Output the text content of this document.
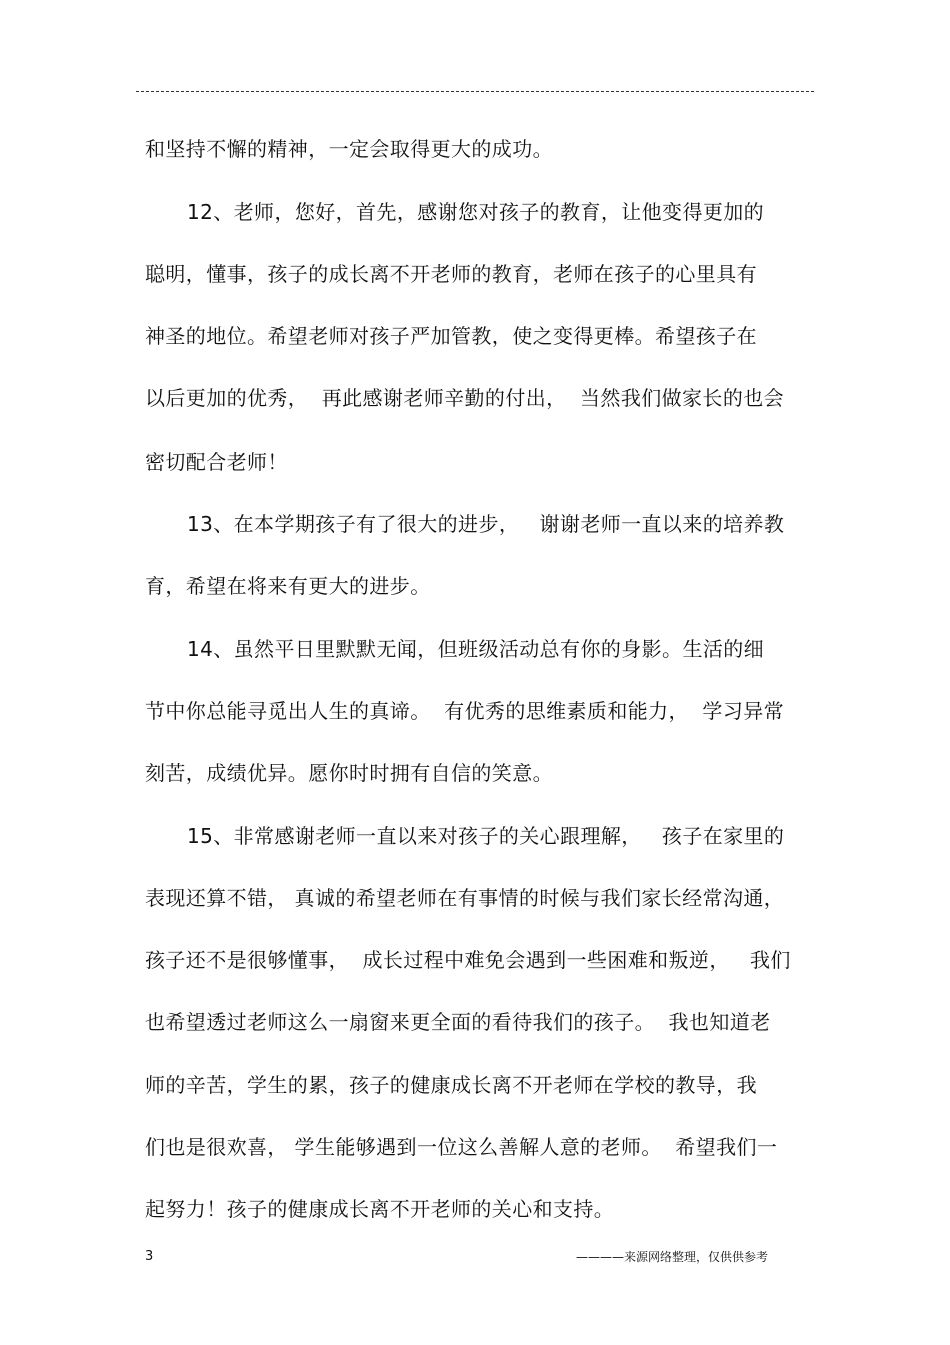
和坚持不懈的精神，一定会取得更大的成功。
12、老师，您好，首先，感谢您对孩子的教育，让他变得更加的
聪明，懂事，孩子的成长离不开老师的教育，老师在孩子的心里具有
神圣的地位。希望老师对孩子严加管教，使之变得更棒。希望孩子在
以后更加的优秀，  再此感谢老师辛勤的付出，  当然我们做家长的也会
密切配合老师！
13、在本学期孩子有了很大的进步，   谢谢老师一直以来的培养教
育，希望在将来有更大的进步。
14、虽然平日里默默无闻，但班级活动总有你的身影。生活的细
节中你总能寻觅出人生的真谛。  有优秀的思维素质和能力，  学习异常
刻苦，成绩优异。愿你时时拥有自信的笑意。
15、非常感谢老师一直以来对孩子的关心跟理解，   孩子在家里的
表现还算不错， 真诚的希望老师在有事情的时候与我们家长经常沟通，
孩子还不是很够懂事，  成长过程中难免会遇到一些困难和叛逆，   我们
也希望透过老师这么一扇窗来更全面的看待我们的孩子。  我也知道老
师的辛苦，学生的累，孩子的健康成长离不开老师在学校的教导，我
们也是很欢喜， 学生能够遇到一位这么善解人意的老师。  希望我们一
起努力！孩子的健康成长离不开老师的关心和支持。
3	————来源网络整理，仅供供参考
